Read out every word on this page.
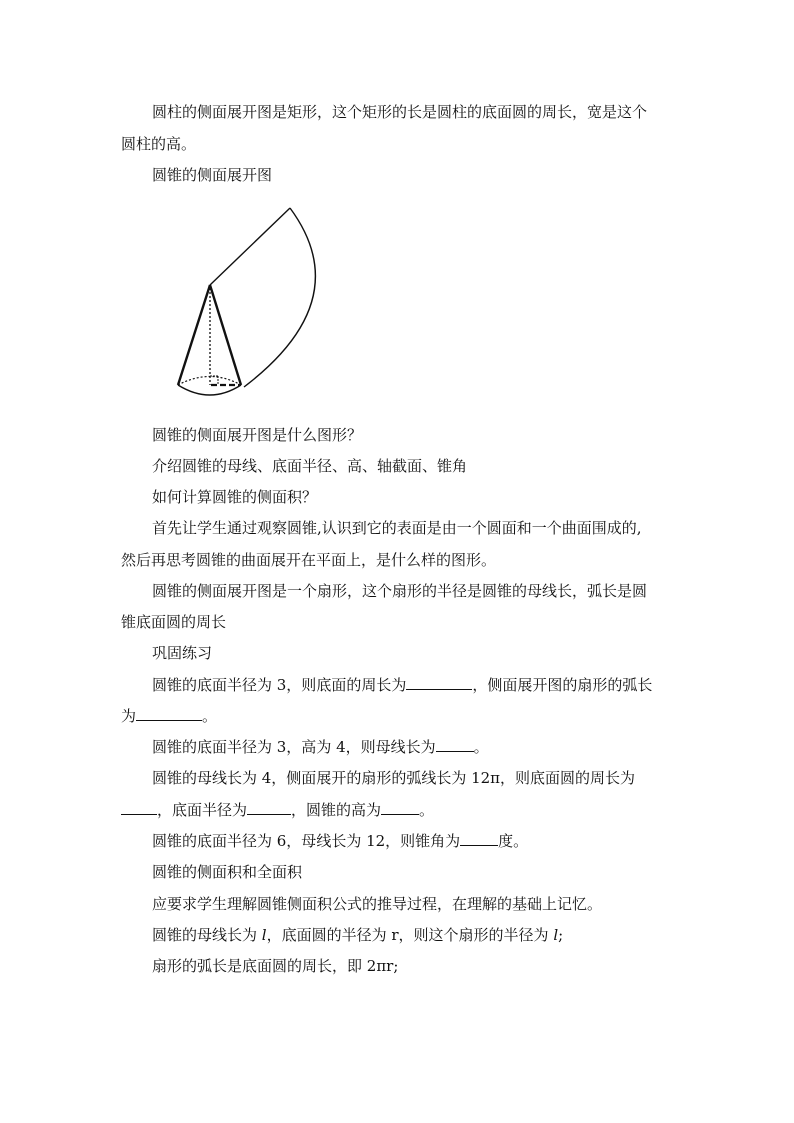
圆柱的侧面展开图是矩形，这个矩形的长是圆柱的底面圆的周长，宽是这个
圆柱的高。
圆锥的侧面展开图
圆锥的侧面展开图是什么图形？
介绍圆锥的母线、底面半径、高、轴截面、锥角
如何计算圆锥的侧面积？
首先让学生通过观察圆锥,认识到它的表面是由一个圆面和一个曲面围成的,
然后再思考圆锥的曲面展开在平面上，是什么样的图形。
圆锥的侧面展开图是一个扇形，这个扇形的半径是圆锥的母线长，弧长是圆
锥底面圆的周长
巩固练习
圆锥的底面半径为 3，则底面的周长为	，侧面展开图的扇形的弧长
为	。
圆锥的底面半径为 3，高为 4，则母线长为	。
圆锥的母线长为 4，侧面展开的扇形的弧线长为 12π，则底面圆的周长为
，底面半径为	，圆锥的高为	。
圆锥的底面半径为 6，母线长为 12，则锥角为	度。
圆锥的侧面积和全面积
应要求学生理解圆锥侧面积公式的推导过程，在理解的基础上记忆。
圆锥的母线长为 l，底面圆的半径为 r，则这个扇形的半径为 l;
扇形的弧长是底面圆的周长，即 2πr;
